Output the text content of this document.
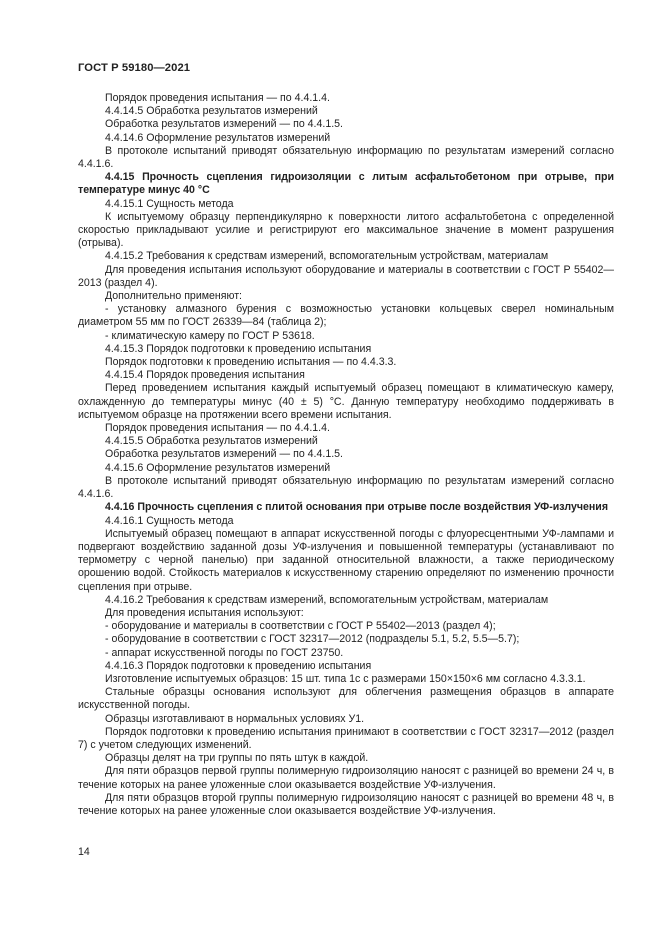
ГОСТ Р 59180—2021

Порядок проведения испытания — по 4.4.1.4.

4.4.14.5 Обработка результатов измерений

Обработка результатов измерений — по 4.4.1.5.

4.4.14.6 Оформление результатов измерений

В протоколе испытаний приводят обязательную информацию по результатам измерений согласно 4.4.1.6.

4.4.15 Прочность сцепления гидроизоляции с литым асфальтобетоном при отрыве, при температуре минус 40 °С

4.4.15.1 Сущность метода

К испытуемому образцу перпендикулярно к поверхности литого асфальтобетона с определенной скоростью прикладывают усилие и регистрируют его максимальное значение в момент разрушения (отрыва).

4.4.15.2 Требования к средствам измерений, вспомогательным устройствам, материалам

Для проведения испытания используют оборудование и материалы в соответствии с ГОСТ Р 55402—2013 (раздел 4).

Дополнительно применяют:

- установку алмазного бурения с возможностью установки кольцевых сверел номинальным диаметром 55 мм по ГОСТ 26339—84 (таблица 2);

- климатическую камеру по ГОСТ Р 53618.

4.4.15.3 Порядок подготовки к проведению испытания

Порядок подготовки к проведению испытания — по 4.4.3.3.

4.4.15.4 Порядок проведения испытания

Перед проведением испытания каждый испытуемый образец помещают в климатическую камеру, охлажденную до температуры минус (40 ± 5) °С. Данную температуру необходимо поддерживать в испытуемом образце на протяжении всего времени испытания.

Порядок проведения испытания — по 4.4.1.4.

4.4.15.5 Обработка результатов измерений

Обработка результатов измерений — по 4.4.1.5.

4.4.15.6 Оформление результатов измерений

В протоколе испытаний приводят обязательную информацию по результатам измерений согласно 4.4.1.6.

4.4.16 Прочность сцепления с плитой основания при отрыве после воздействия УФ-излучения

4.4.16.1 Сущность метода

Испытуемый образец помещают в аппарат искусственной погоды с флуоресцентными УФ-лампами и подвергают воздействию заданной дозы УФ-излучения и повышенной температуры (устанавливают по термометру с черной панелью) при заданной относительной влажности, а также периодическому орошению водой. Стойкость материалов к искусственному старению определяют по изменению прочности сцепления при отрыве.

4.4.16.2 Требования к средствам измерений, вспомогательным устройствам, материалам

Для проведения испытания используют:

- оборудование и материалы в соответствии с ГОСТ Р 55402—2013 (раздел 4);

- оборудование в соответствии с ГОСТ 32317—2012 (подразделы 5.1, 5.2, 5.5—5.7);

- аппарат искусственной погоды по ГОСТ 23750.

4.4.16.3 Порядок подготовки к проведению испытания

Изготовление испытуемых образцов: 15 шт. типа 1с с размерами 150×150×6 мм согласно 4.3.3.1.

Стальные образцы основания используют для облегчения размещения образцов в аппарате искусственной погоды.

Образцы изготавливают в нормальных условиях У1.

Порядок подготовки к проведению испытания принимают в соответствии с ГОСТ 32317—2012 (раздел 7) с учетом следующих изменений.

Образцы делят на три группы по пять штук в каждой.

Для пяти образцов первой группы полимерную гидроизоляцию наносят с разницей во времени 24 ч, в течение которых на ранее уложенные слои оказывается воздействие УФ-излучения.

Для пяти образцов второй группы полимерную гидроизоляцию наносят с разницей во времени 48 ч, в течение которых на ранее уложенные слои оказывается воздействие УФ-излучения.

14
